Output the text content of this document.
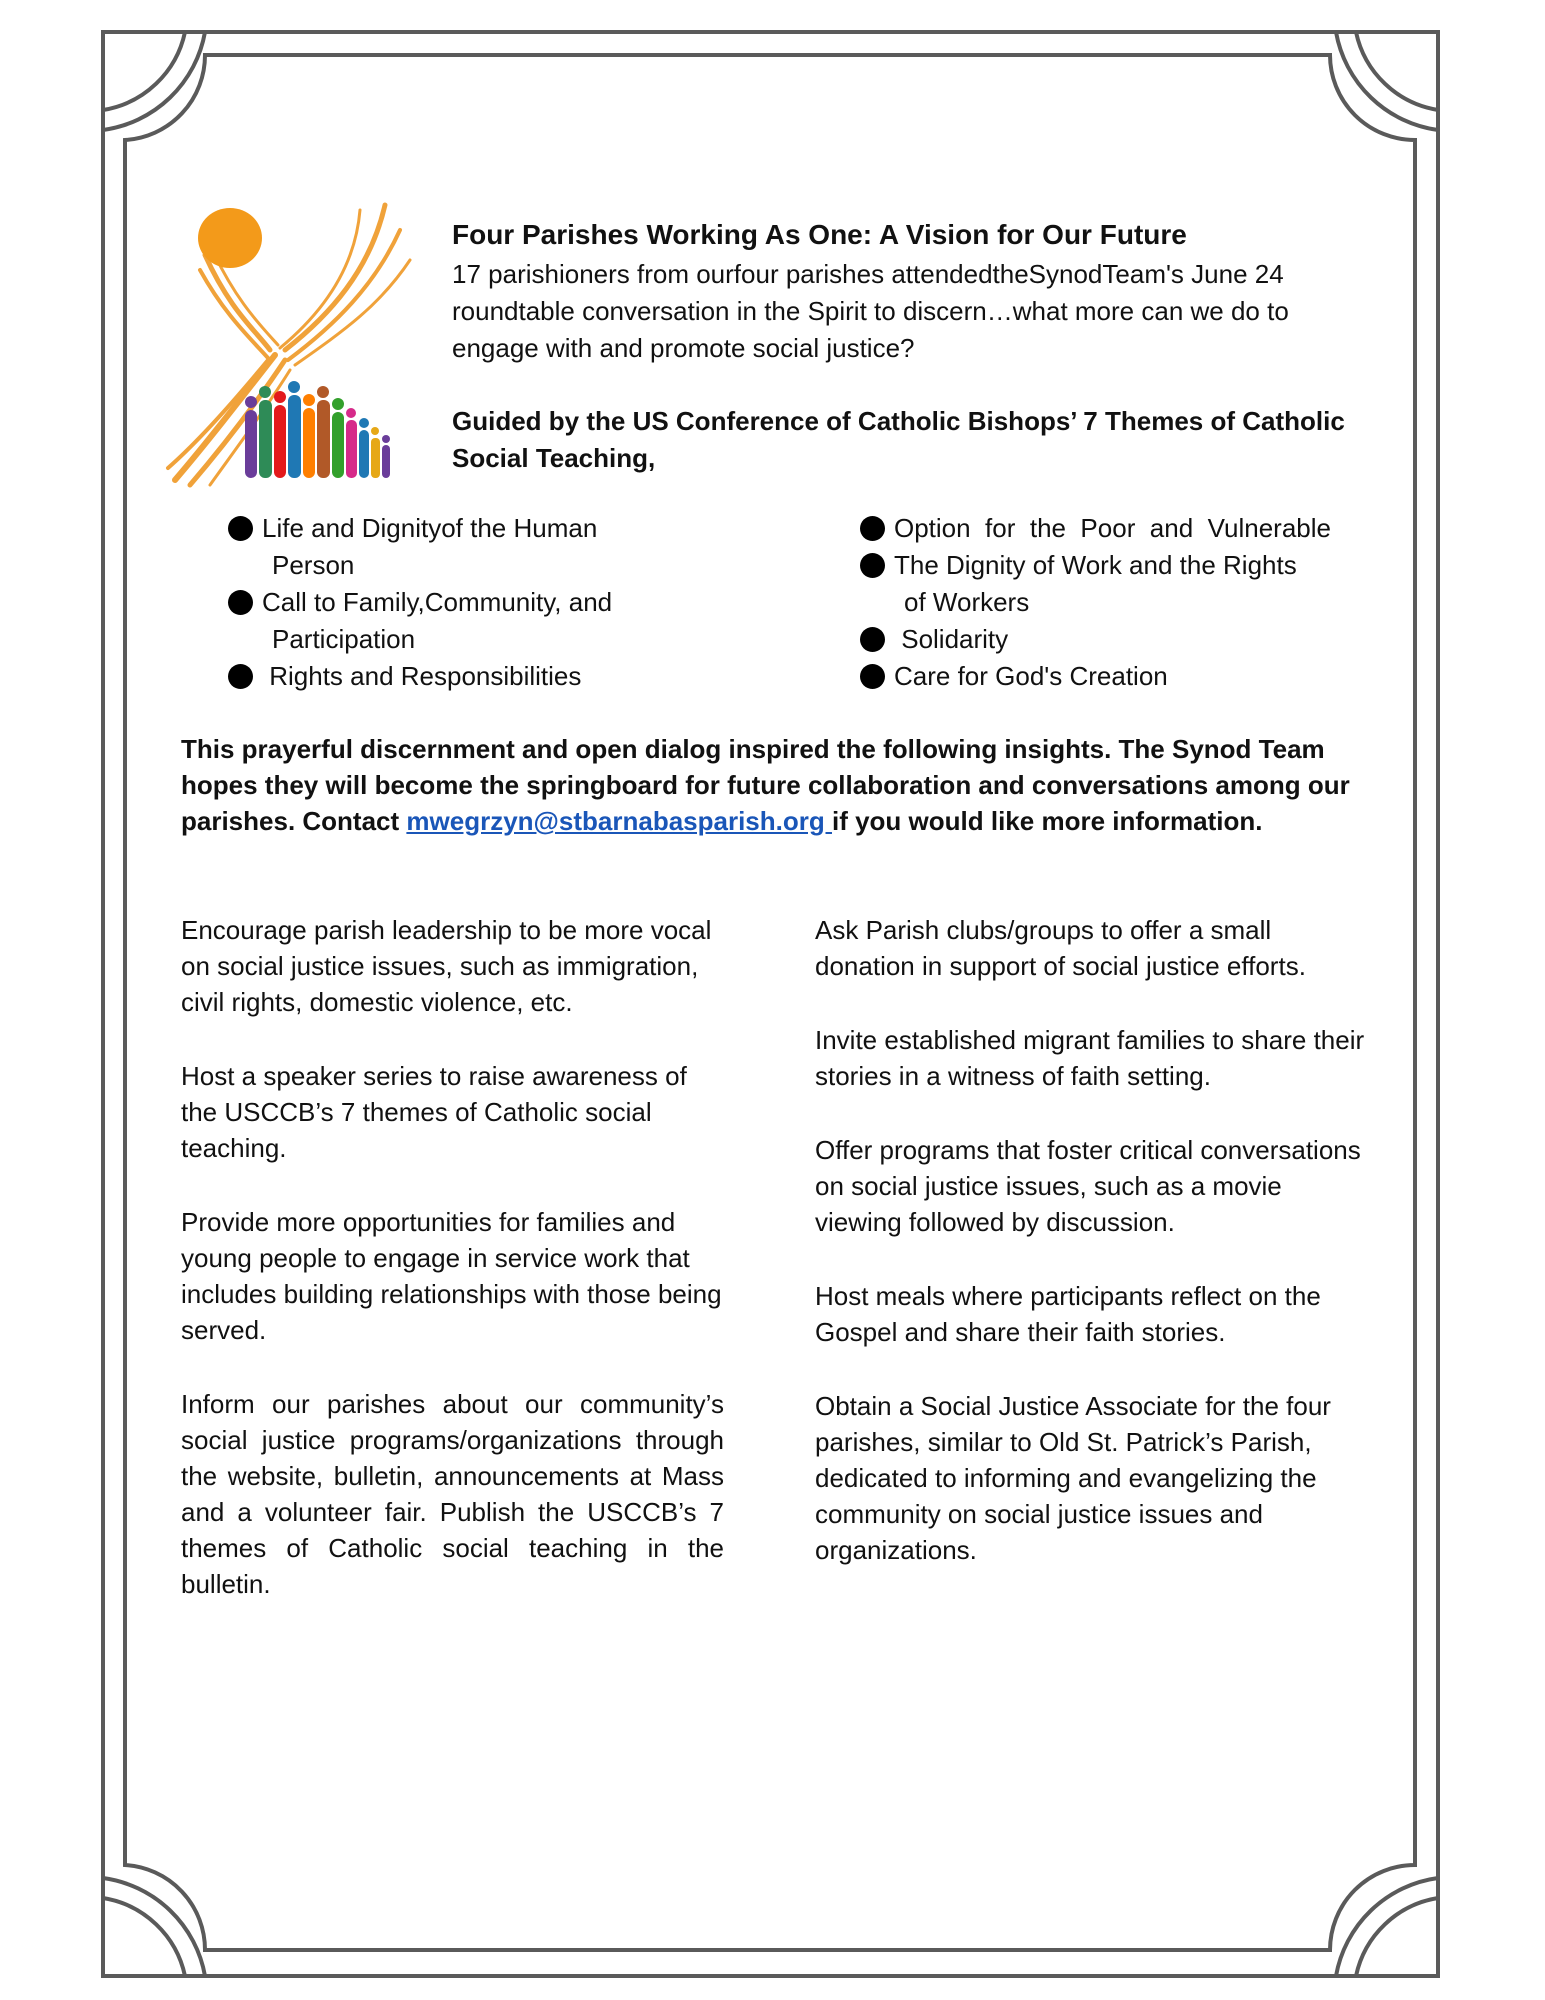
Four Parishes Working As One: A Vision for Our Future

17 parishioners from ourfour parishes attendedtheSynodTeam's June 24 roundtable conversation in the Spirit to discern…what more can we do to engage with and promote social justice?

Guided by the US Conference of Catholic Bishops’ 7 Themes of Catholic Social Teaching,

Life and Dignityof the Human
Person
Call to Family,Community, and
Participation
Rights and Responsibilities
Option  for  the  Poor  and  Vulnerable
The Dignity of Work and the Rights
of Workers
Solidarity
Care for God's Creation

This prayerful discernment and open dialog inspired the following insights. The Synod Team hopes they will become the springboard for future collaboration and conversations among our parishes. Contact mwegrzyn@stbarnabasparish.org if you would like more information.

Encourage parish leadership to be more vocal on social justice issues, such as immigration, civil rights, domestic violence, etc.

Host a speaker series to raise awareness of the USCCB’s 7 themes of Catholic social teaching.

Provide more opportunities for families and young people to engage in service work that includes building relationships with those being served.

Inform our parishes about our community’s social justice programs/organizations through the website, bulletin, announcements at Mass and a volunteer fair. Publish the USCCB’s 7 themes of Catholic social teaching in the bulletin.

Ask Parish clubs/groups to offer a small donation in support of social justice efforts.

Invite established migrant families to share their stories in a witness of faith setting.

Offer programs that foster critical conversations on social justice issues, such as a movie viewing followed by discussion.

Host meals where participants reflect on the Gospel and share their faith stories.

Obtain a Social Justice Associate for the four parishes, similar to Old St. Patrick’s Parish, dedicated to informing and evangelizing the community on social justice issues and organizations.
